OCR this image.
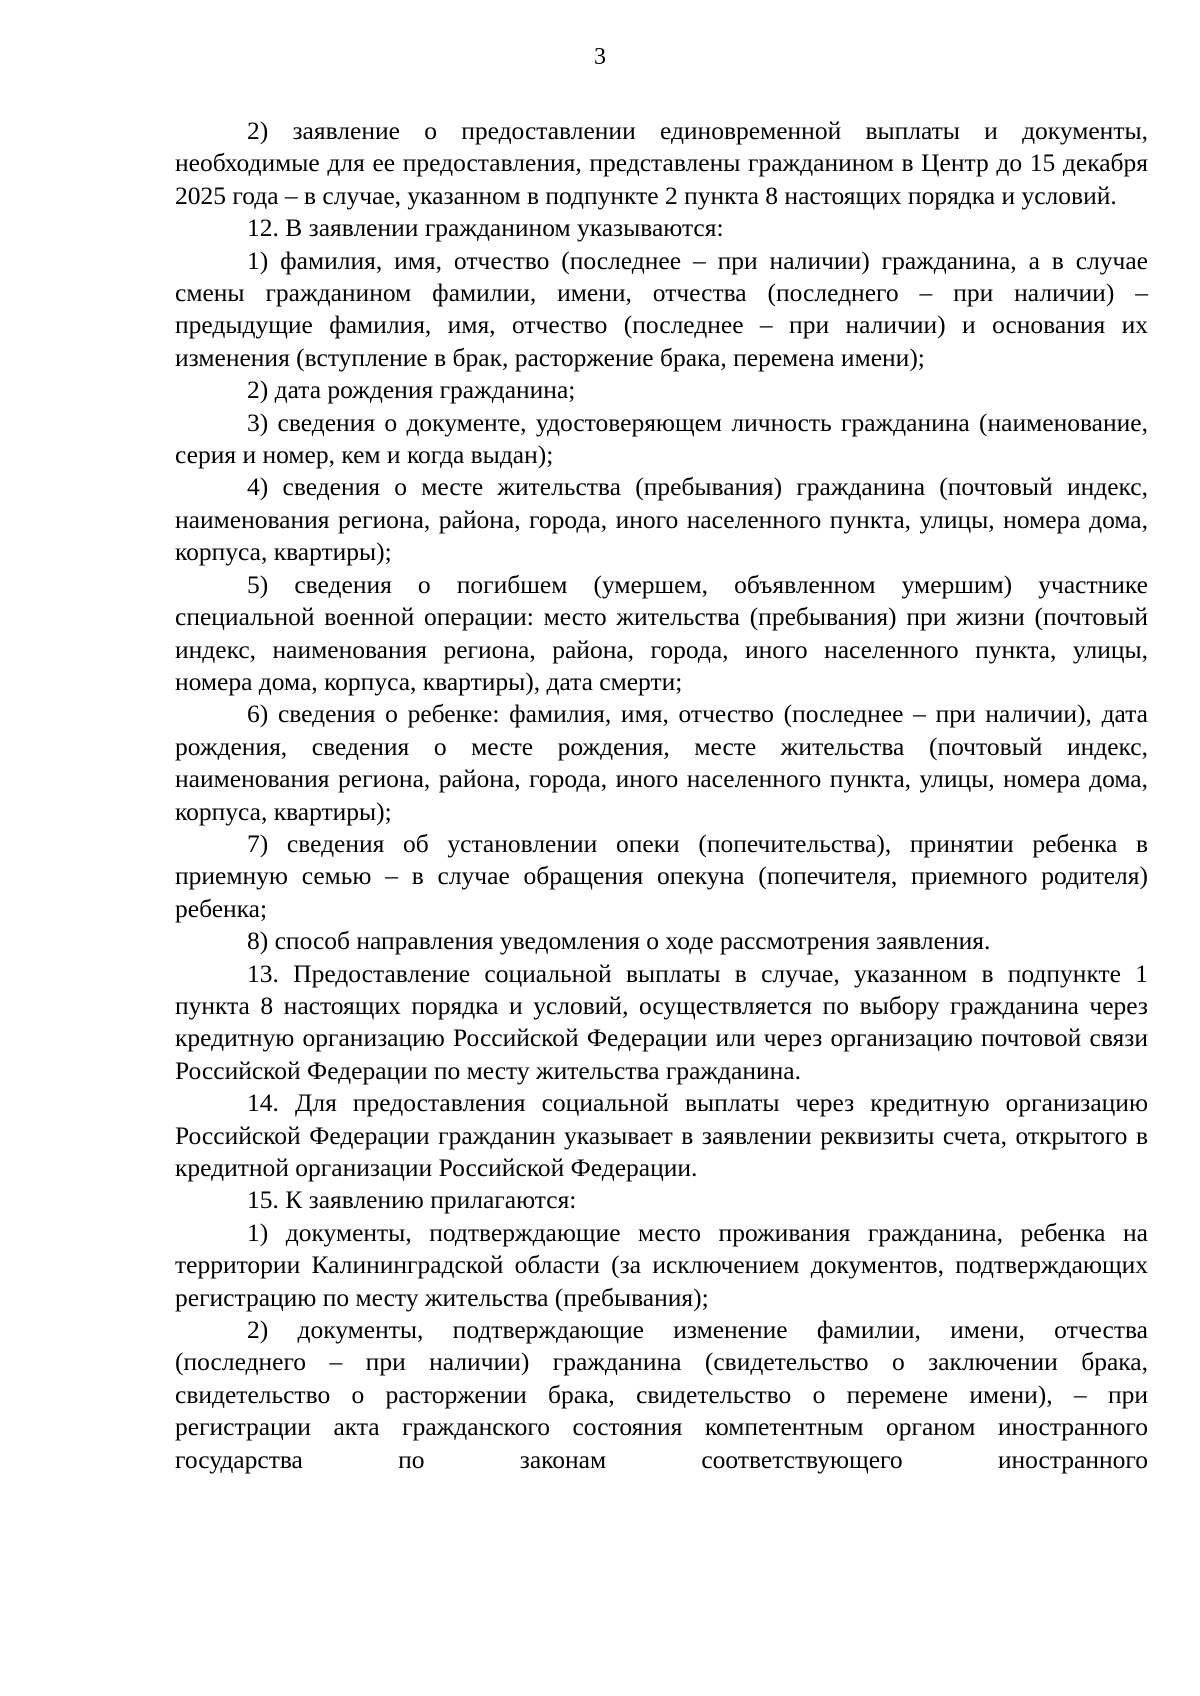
3

2) заявление о предоставлении единовременной выплаты и документы, необходимые для ее предоставления, представлены гражданином в Центр до 15 декабря 2025 года – в случае, указанном в подпункте 2 пункта 8 настоящих порядка и условий.

12. В заявлении гражданином указываются:

1) фамилия, имя, отчество (последнее – при наличии) гражданина, а в случае смены гражданином фамилии, имени, отчества (последнего – при наличии) – предыдущие фамилия, имя, отчество (последнее – при наличии) и основания их изменения (вступление в брак, расторжение брака, перемена имени);

2) дата рождения гражданина;

3) сведения о документе, удостоверяющем личность гражданина (наименование, серия и номер, кем и когда выдан);

4) сведения о месте жительства (пребывания) гражданина (почтовый индекс, наименования региона, района, города, иного населенного пункта, улицы, номера дома, корпуса, квартиры);

5) сведения о погибшем (умершем, объявленном умершим) участнике специальной военной операции: место жительства (пребывания) при жизни (почтовый индекс, наименования региона, района, города, иного населенного пункта, улицы, номера дома, корпуса, квартиры), дата смерти;

6) сведения о ребенке: фамилия, имя, отчество (последнее – при наличии), дата рождения, сведения о месте рождения, месте жительства (почтовый индекс, наименования региона, района, города, иного населенного пункта, улицы, номера дома, корпуса, квартиры);

7) сведения об установлении опеки (попечительства), принятии ребенка в приемную семью – в случае обращения опекуна (попечителя, приемного родителя) ребенка;

8) способ направления уведомления о ходе рассмотрения заявления.

13. Предоставление социальной выплаты в случае, указанном в подпункте 1 пункта 8 настоящих порядка и условий, осуществляется по выбору гражданина через кредитную организацию Российской Федерации или через организацию почтовой связи Российской Федерации по месту жительства гражданина.

14. Для предоставления социальной выплаты через кредитную организацию Российской Федерации гражданин указывает в заявлении реквизиты счета, открытого в кредитной организации Российской Федерации.

15. К заявлению прилагаются:

1) документы, подтверждающие место проживания гражданина, ребенка на территории Калининградской области (за исключением документов, подтверждающих регистрацию по месту жительства (пребывания);

2) документы, подтверждающие изменение фамилии, имени, отчества (последнего – при наличии) гражданина (свидетельство о заключении брака, свидетельство о расторжении брака, свидетельство о перемене имени), – при регистрации акта гражданского состояния компетентным органом иностранного государства по законам соответствующего иностранного
